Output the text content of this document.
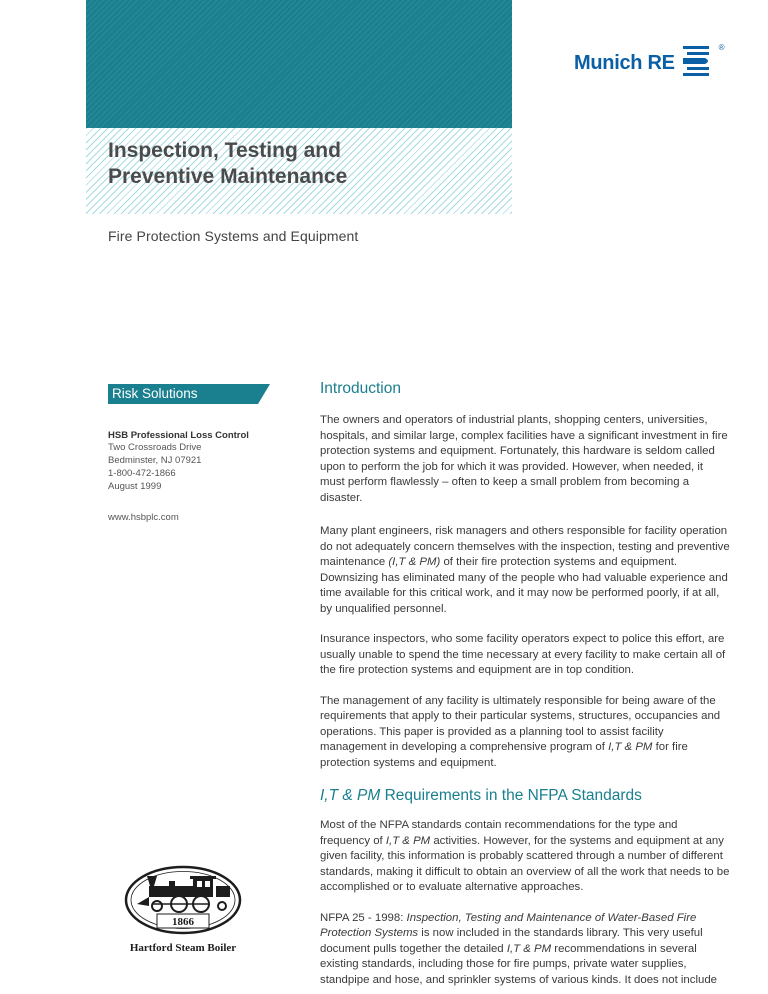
Inspection, Testing and
Preventive Maintenance

Fire Protection Systems and Equipment

Munich RE
®
Risk Solutions
HSB Professional Loss Control
Two Crossroads Drive
Bedminster, NJ 07921
1-800-472-1866
August 1999
www.hsbplc.com
1866
Hartford Steam Boiler
Introduction

The owners and operators of industrial plants, shopping centers, universities, hospitals, and similar large, complex facilities have a significant investment in fire protection systems and equipment. Fortunately, this hardware is seldom called upon to perform the job for which it was provided. However, when needed, it must perform flawlessly – often to keep a small problem from becoming a disaster.

Many plant engineers, risk managers and others responsible for facility operation do not adequately concern themselves with the inspection, testing and preventive maintenance (I,T & PM) of their fire protection systems and equipment. Downsizing has eliminated many of the people who had valuable experience and time available for this critical work, and it may now be performed poorly, if at all, by unqualified personnel.

Insurance inspectors, who some facility operators expect to police this effort, are usually unable to spend the time necessary at every facility to make certain all of the fire protection systems and equipment are in top condition.

The management of any facility is ultimately responsible for being aware of the requirements that apply to their particular systems, structures, occupancies and operations. This paper is provided as a planning tool to assist facility management in developing a comprehensive program of I,T & PM for fire protection systems and equipment.

I,T & PM Requirements in the NFPA Standards

Most of the NFPA standards contain recommendations for the type and frequency of I,T & PM activities. However, for the systems and equipment at any given facility, this information is probably scattered through a number of different standards, making it difficult to obtain an overview of all the work that needs to be accomplished or to evaluate alternative approaches.

NFPA 25 - 1998: Inspection, Testing and Maintenance of Water-Based Fire Protection Systems is now included in the standards library. This very useful document pulls together the detailed I,T & PM recommendations in several existing standards, including those for fire pumps, private water supplies, standpipe and hose, and sprinkler systems of various kinds. It does not include
